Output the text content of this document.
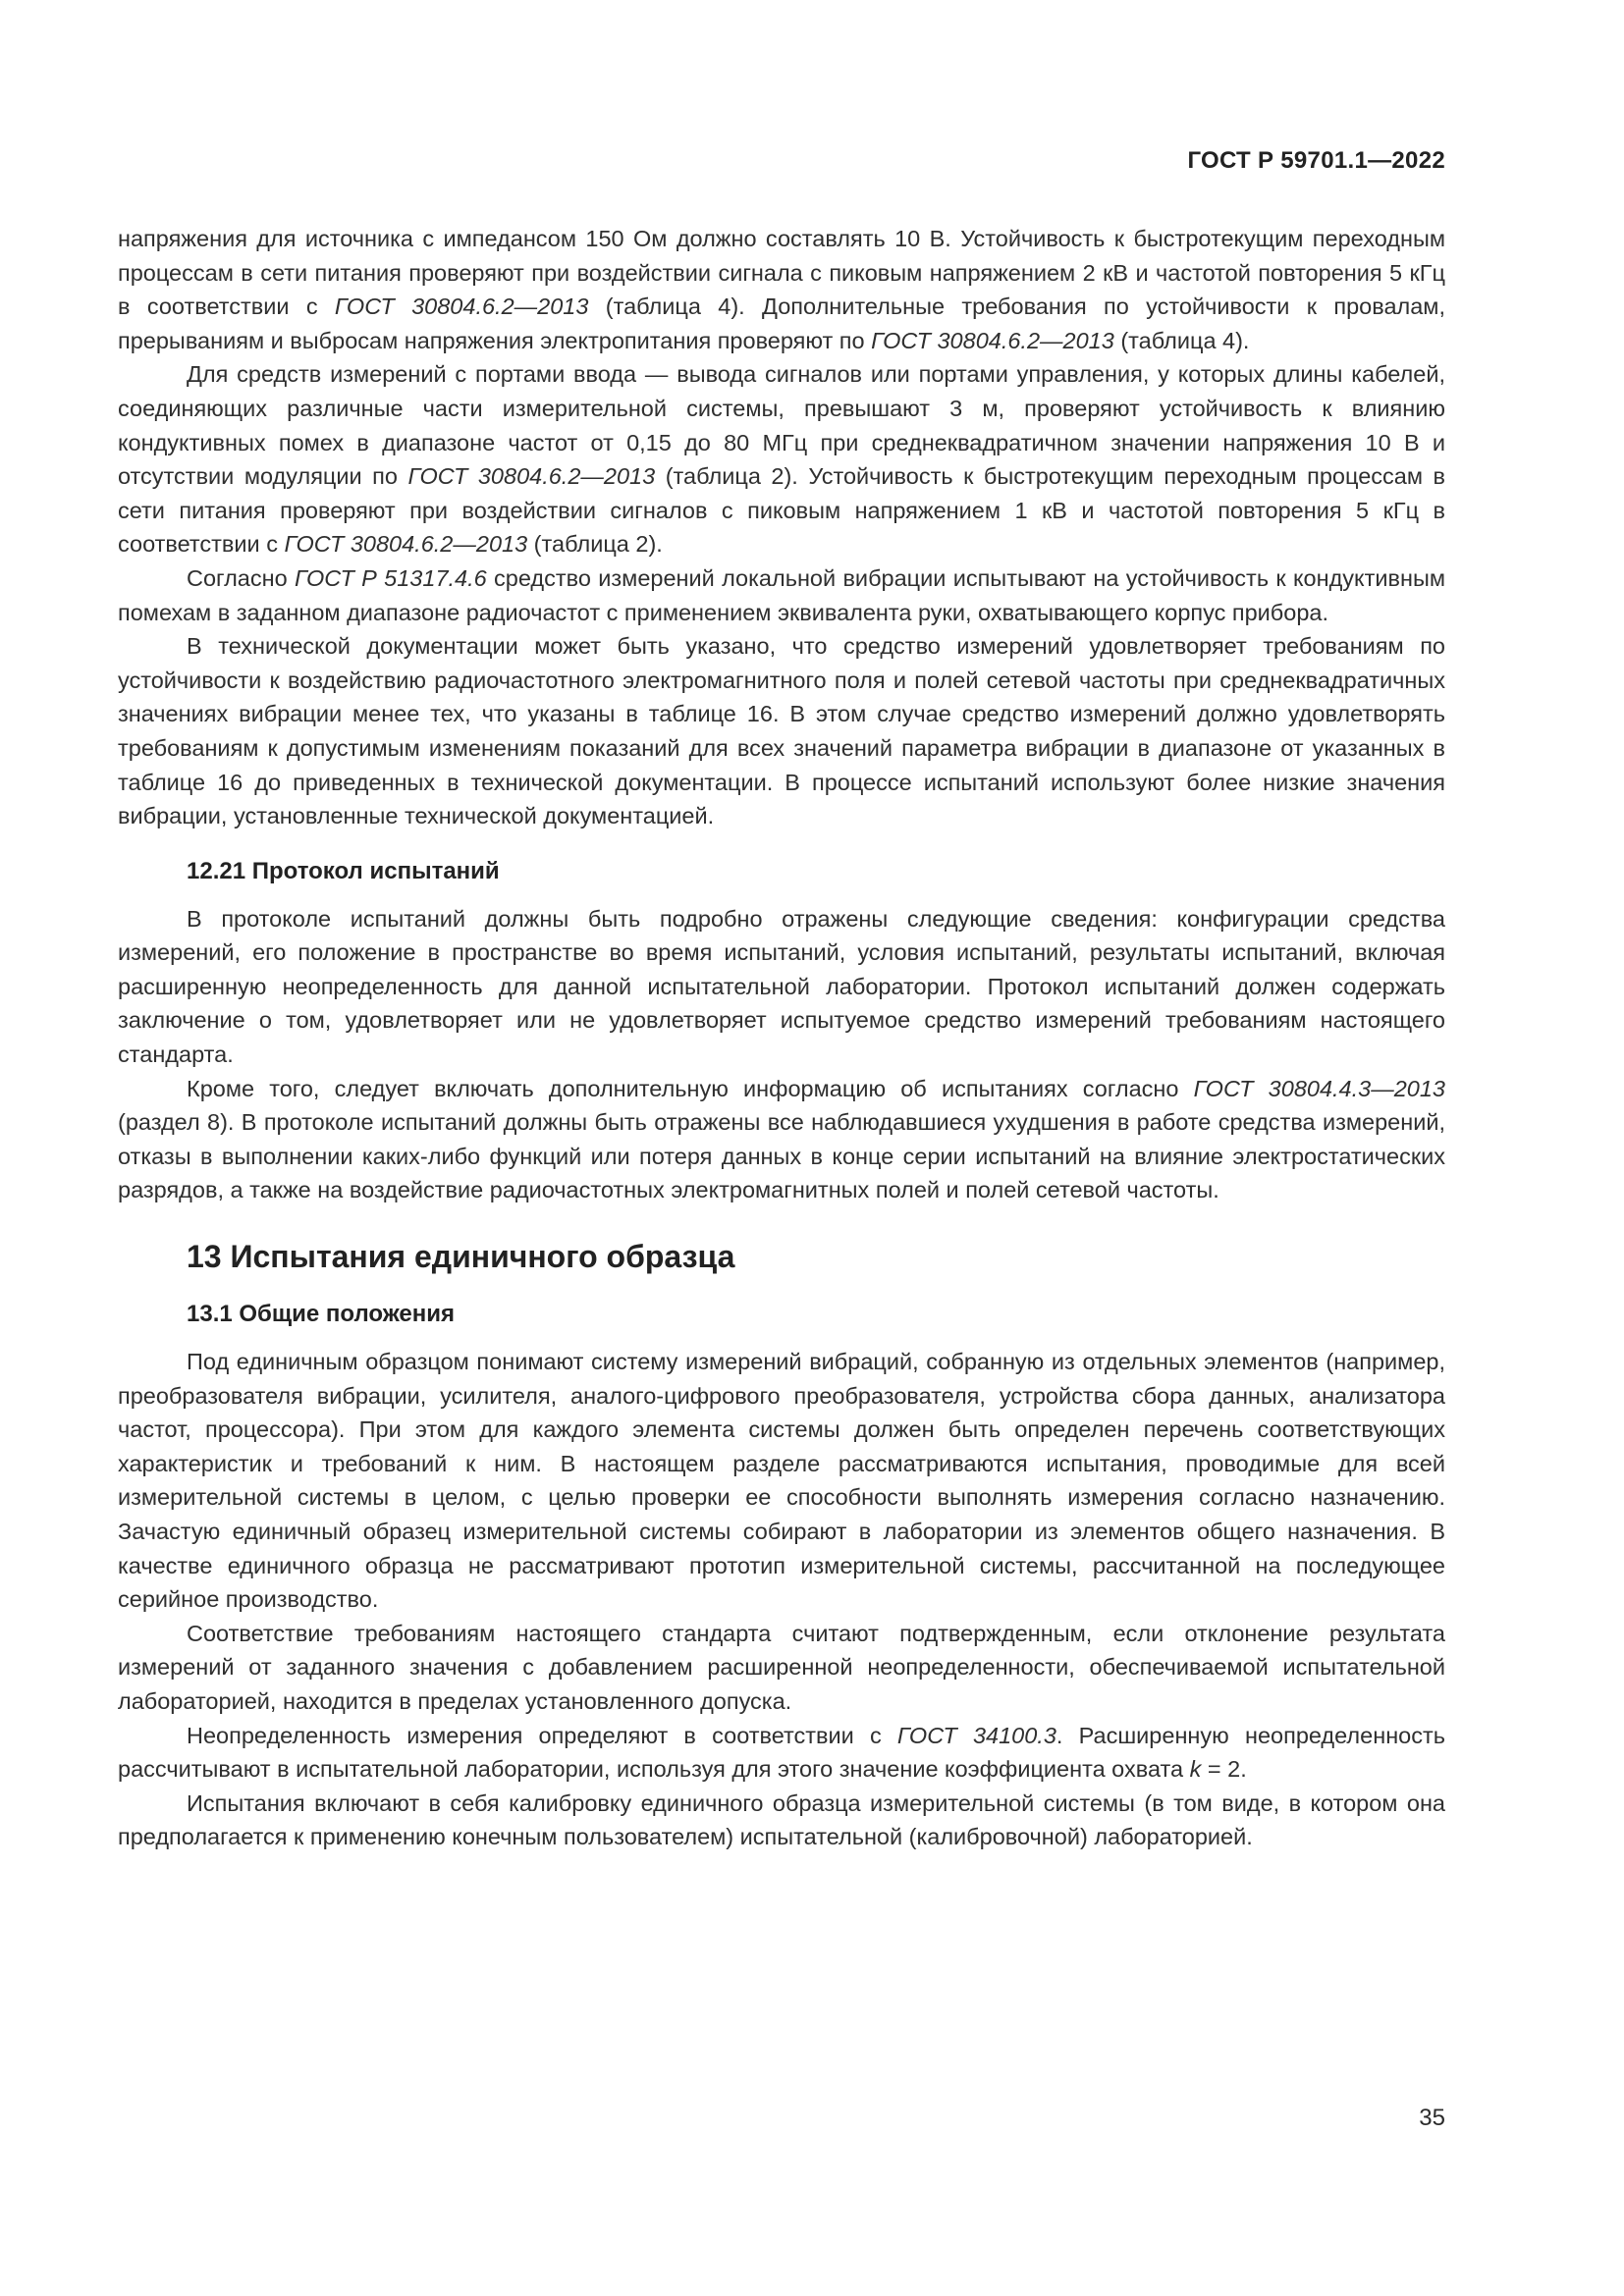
ГОСТ Р 59701.1—2022

напряжения для источника с импедансом 150 Ом должно составлять 10 В. Устойчивость к быстротекущим переходным процессам в сети питания проверяют при воздействии сигнала с пиковым напряжением 2 кВ и частотой повторения 5 кГц в соответствии с ГОСТ 30804.6.2—2013 (таблица 4). Дополнительные требования по устойчивости к провалам, прерываниям и выбросам напряжения электропитания проверяют по ГОСТ 30804.6.2—2013 (таблица 4).

Для средств измерений с портами ввода — вывода сигналов или портами управления, у которых длины кабелей, соединяющих различные части измерительной системы, превышают 3 м, проверяют устойчивость к влиянию кондуктивных помех в диапазоне частот от 0,15 до 80 МГц при среднеквадратичном значении напряжения 10 В и отсутствии модуляции по ГОСТ 30804.6.2—2013 (таблица 2). Устойчивость к быстротекущим переходным процессам в сети питания проверяют при воздействии сигналов с пиковым напряжением 1 кВ и частотой повторения 5 кГц в соответствии с ГОСТ 30804.6.2—2013 (таблица 2).

Согласно ГОСТ Р 51317.4.6 средство измерений локальной вибрации испытывают на устойчивость к кондуктивным помехам в заданном диапазоне радиочастот с применением эквивалента руки, охватывающего корпус прибора.

В технической документации может быть указано, что средство измерений удовлетворяет требованиям по устойчивости к воздействию радиочастотного электромагнитного поля и полей сетевой частоты при среднеквадратичных значениях вибрации менее тех, что указаны в таблице 16. В этом случае средство измерений должно удовлетворять требованиям к допустимым изменениям показаний для всех значений параметра вибрации в диапазоне от указанных в таблице 16 до приведенных в технической документации. В процессе испытаний используют более низкие значения вибрации, установленные технической документацией.

12.21 Протокол испытаний

В протоколе испытаний должны быть подробно отражены следующие сведения: конфигурации средства измерений, его положение в пространстве во время испытаний, условия испытаний, результаты испытаний, включая расширенную неопределенность для данной испытательной лаборатории. Протокол испытаний должен содержать заключение о том, удовлетворяет или не удовлетворяет испытуемое средство измерений требованиям настоящего стандарта.

Кроме того, следует включать дополнительную информацию об испытаниях согласно ГОСТ 30804.4.3—2013 (раздел 8). В протоколе испытаний должны быть отражены все наблюдавшиеся ухудшения в работе средства измерений, отказы в выполнении каких-либо функций или потеря данных в конце серии испытаний на влияние электростатических разрядов, а также на воздействие радиочастотных электромагнитных полей и полей сетевой частоты.

13 Испытания единичного образца
13.1 Общие положения

Под единичным образцом понимают систему измерений вибраций, собранную из отдельных элементов (например, преобразователя вибрации, усилителя, аналого-цифрового преобразователя, устройства сбора данных, анализатора частот, процессора). При этом для каждого элемента системы должен быть определен перечень соответствующих характеристик и требований к ним. В настоящем разделе рассматриваются испытания, проводимые для всей измерительной системы в целом, с целью проверки ее способности выполнять измерения согласно назначению. Зачастую единичный образец измерительной системы собирают в лаборатории из элементов общего назначения. В качестве единичного образца не рассматривают прототип измерительной системы, рассчитанной на последующее серийное производство.

Соответствие требованиям настоящего стандарта считают подтвержденным, если отклонение результата измерений от заданного значения с добавлением расширенной неопределенности, обеспечиваемой испытательной лабораторией, находится в пределах установленного допуска.

Неопределенность измерения определяют в соответствии с ГОСТ 34100.3. Расширенную неопределенность рассчитывают в испытательной лаборатории, используя для этого значение коэффициента охвата k = 2.

Испытания включают в себя калибровку единичного образца измерительной системы (в том виде, в котором она предполагается к применению конечным пользователем) испытательной (калибровочной) лабораторией.

35
